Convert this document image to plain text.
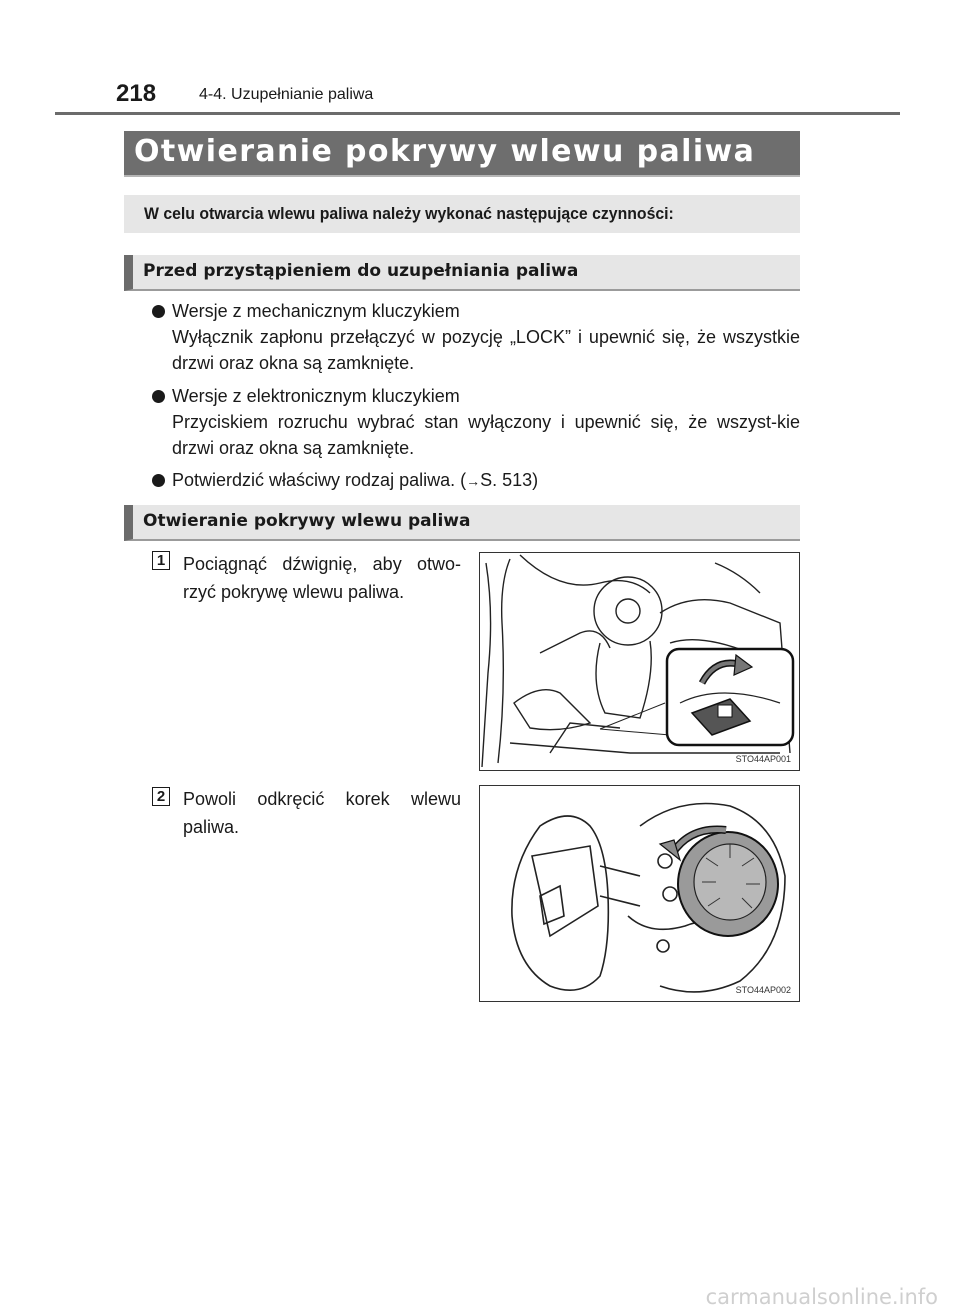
218	4-4. Uzupełnianie paliwa
Otwieranie pokrywy wlewu paliwa
W celu otwarcia wlewu paliwa należy wykonać następujące czynności:
Przed przystąpieniem do uzupełniania paliwa
Wersje z mechanicznym kluczykiem
Wyłącznik zapłonu przełączyć w pozycję „LOCK” i upewnić się, że wszystkie drzwi oraz okna są zamknięte.
Wersje z elektronicznym kluczykiem
Przyciskiem rozruchu wybrać stan wyłączony i upewnić się, że wszyst-kie drzwi oraz okna są zamknięte.
Potwierdzić właściwy rodzaj paliwa. (→S. 513)
Otwieranie pokrywy wlewu paliwa
1 Pociągnąć dźwignię, aby otwo-rzyć pokrywę wlewu paliwa.
STO44AP001
2 Powoli odkręcić korek wlewu paliwa.
STO44AP002
carmanualsonline.info
